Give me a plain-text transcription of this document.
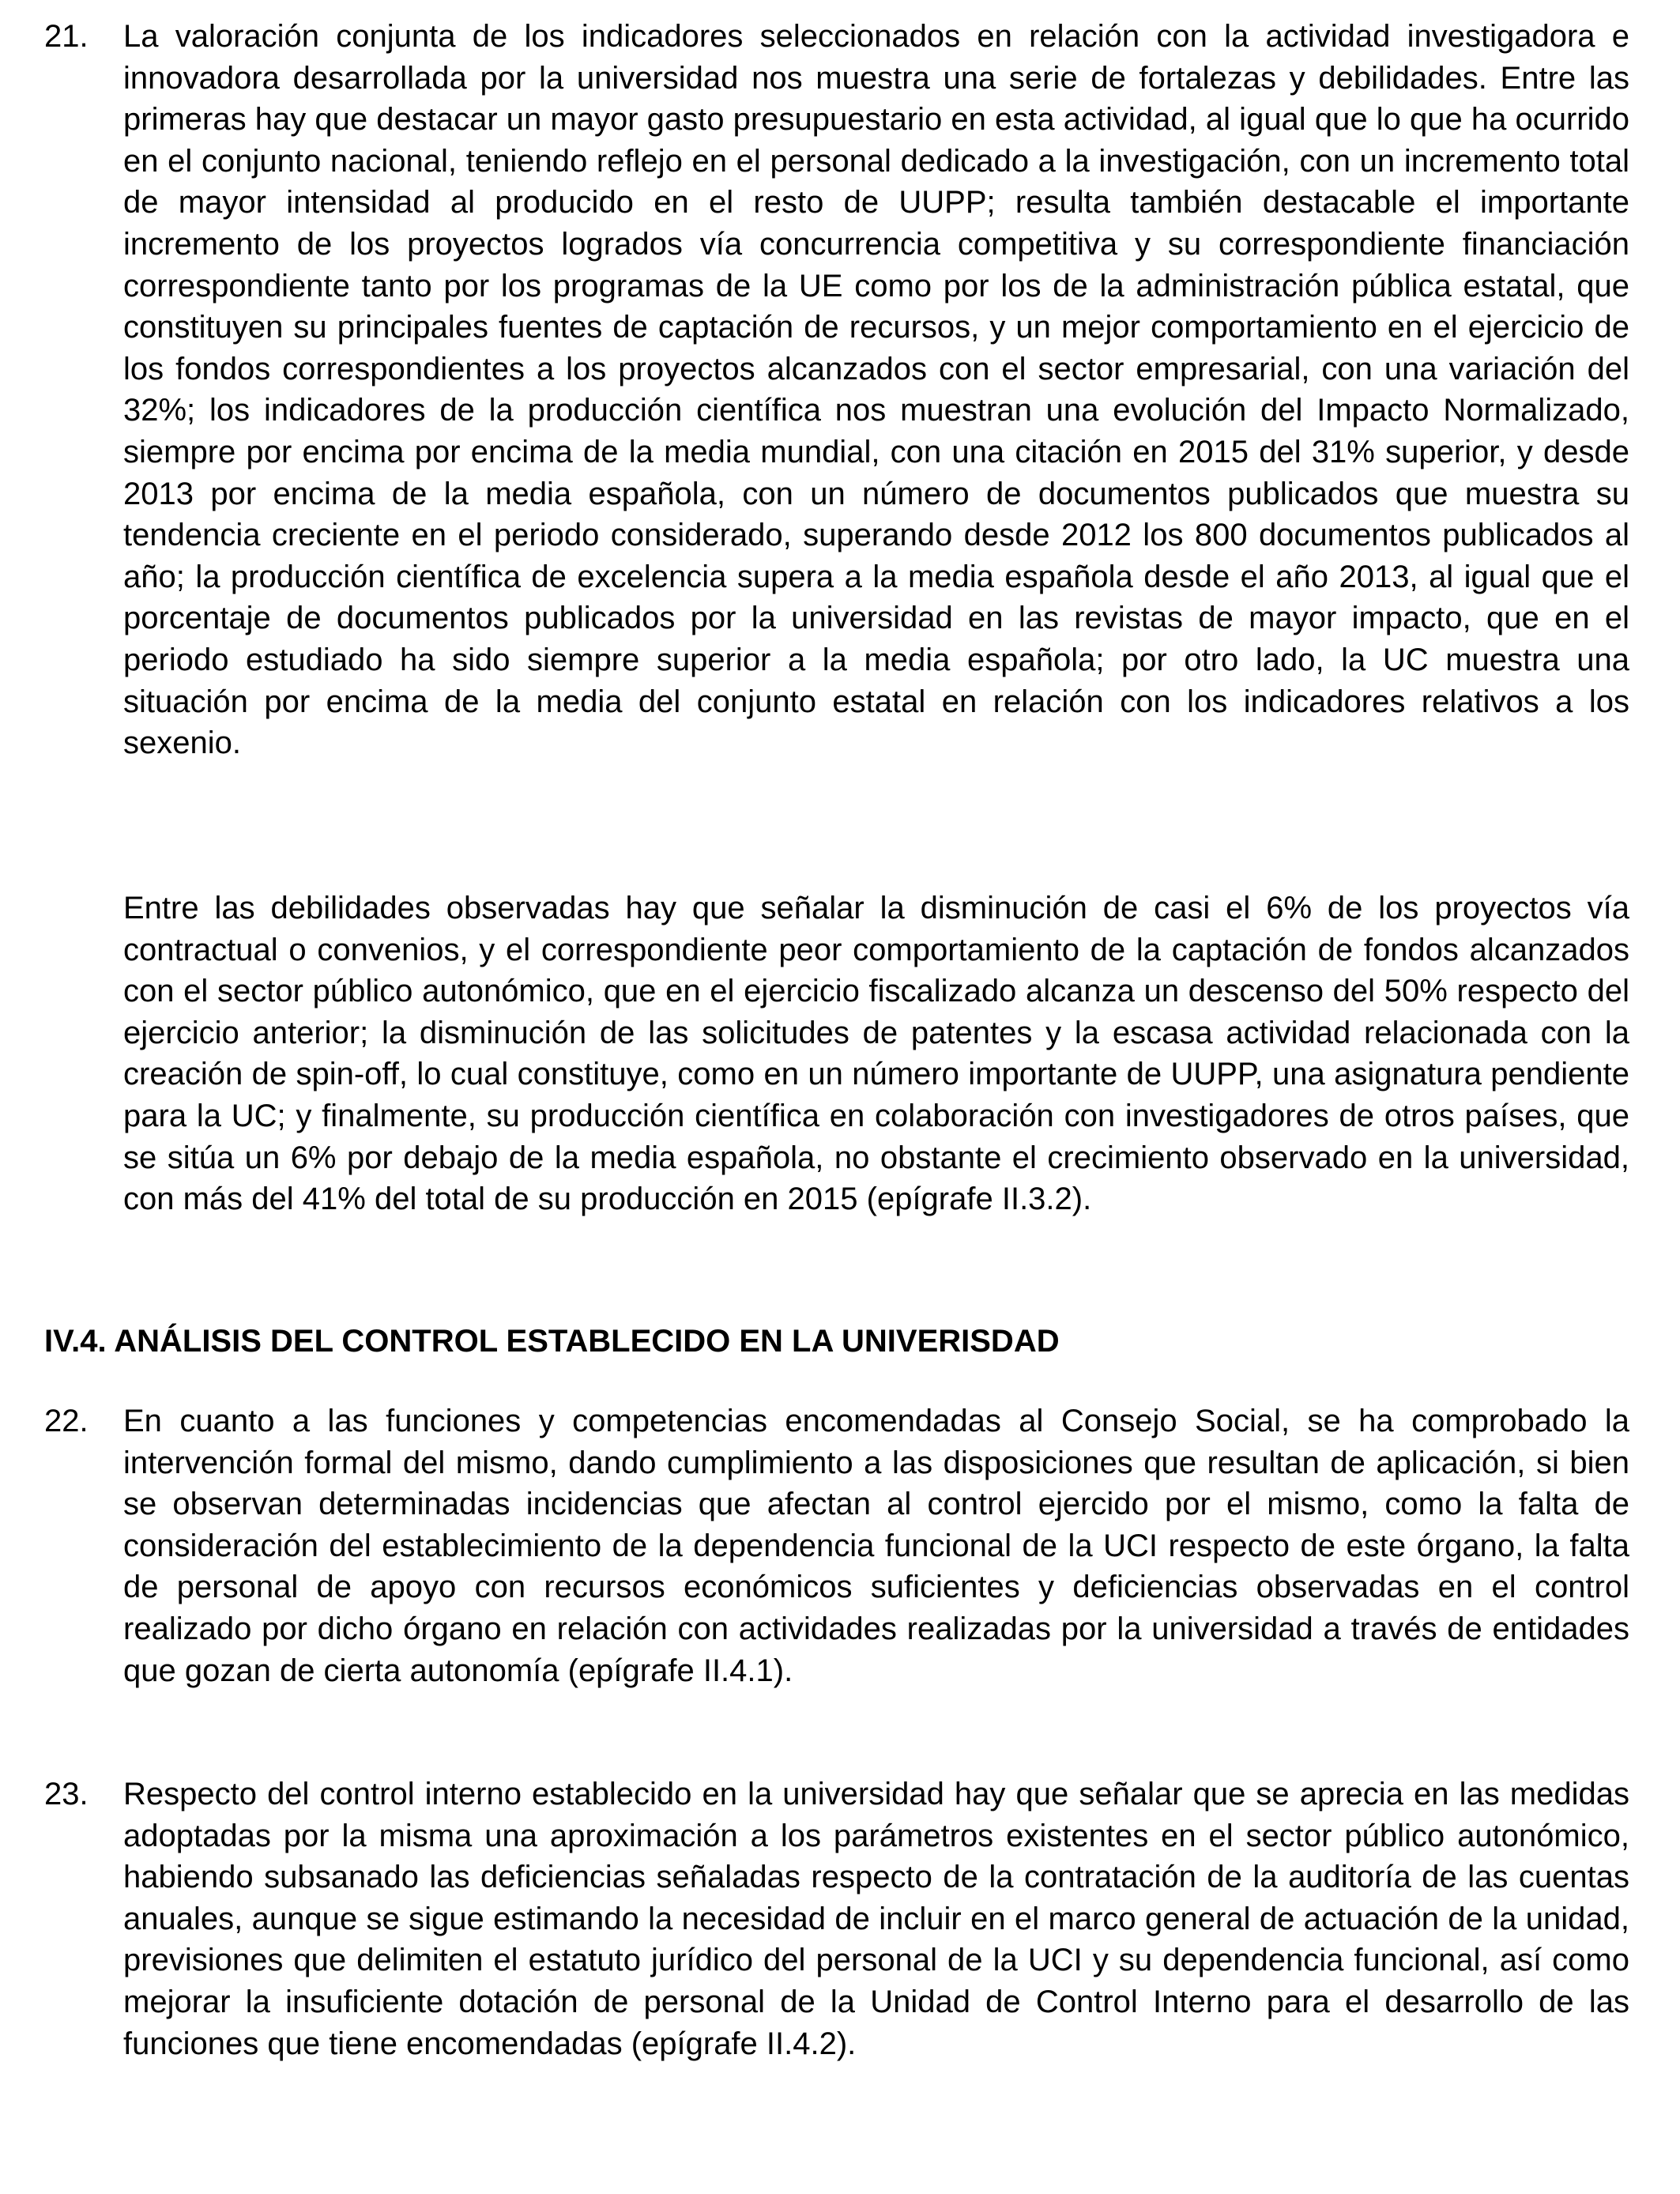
21.	La valoración conjunta de los indicadores seleccionados en relación con la actividad investigadora e innovadora desarrollada por la universidad nos muestra una serie de fortalezas y debilidades. Entre las primeras hay que destacar un mayor gasto presupuestario en esta actividad, al igual que lo que ha ocurrido en el conjunto nacional, teniendo reflejo en el personal dedicado a la investigación, con un incremento total de mayor intensidad al producido en el resto de UUPP; resulta también destacable el importante incremento de los proyectos logrados vía concurrencia competitiva y su correspondiente financiación correspondiente tanto por los programas de la UE como por los de la administración pública estatal, que constituyen su principales fuentes de captación de recursos, y un mejor comportamiento en el ejercicio de los fondos correspondientes a los proyectos alcanzados con el sector empresarial, con una variación del 32%; los indicadores de la producción científica nos muestran una evolución del Impacto Normalizado, siempre por encima por encima de la media mundial, con una citación en 2015 del 31% superior, y desde 2013 por encima de la media española, con un número de documentos publicados que muestra su tendencia creciente en el periodo considerado, superando desde 2012 los 800 documentos publicados al año; la producción científica de excelencia supera a la media española desde el año 2013, al igual que el porcentaje de documentos publicados por la universidad en las revistas de mayor impacto, que en el periodo estudiado ha sido siempre superior a la media española; por otro lado, la UC muestra una situación por encima de la media del conjunto estatal en relación con los indicadores relativos a los sexenio.
Entre las debilidades observadas hay que señalar la disminución de casi el 6% de los proyectos vía contractual o convenios, y el correspondiente peor comportamiento de la captación de fondos alcanzados con el sector público autonómico, que en el ejercicio fiscalizado alcanza un descenso del 50% respecto del ejercicio anterior; la disminución de las solicitudes de patentes y la escasa actividad relacionada con la creación de spin-off, lo cual constituye, como en un número importante de UUPP, una asignatura pendiente para la UC; y finalmente, su producción científica en colaboración con investigadores de otros países, que se sitúa un 6% por debajo de la media española, no obstante el crecimiento observado en la universidad, con más del 41% del total de su producción en 2015 (epígrafe II.3.2).
IV.4. ANÁLISIS DEL CONTROL ESTABLECIDO EN LA UNIVERISDAD
22.	En cuanto a las funciones y competencias encomendadas al Consejo Social, se ha comprobado la intervención formal del mismo, dando cumplimiento a las disposiciones que resultan de aplicación, si bien se observan determinadas incidencias que afectan al control ejercido por el mismo, como la falta de consideración del establecimiento de la dependencia funcional de la UCI respecto de este órgano, la falta de personal de apoyo con recursos económicos suficientes y deficiencias observadas en el control realizado por dicho órgano en relación con actividades realizadas por la universidad a través de entidades que gozan de cierta autonomía (epígrafe II.4.1).
23.	Respecto del control interno establecido en la universidad hay que señalar que se aprecia en las medidas adoptadas por la misma una aproximación a los parámetros existentes en el sector público autonómico, habiendo subsanado las deficiencias señaladas respecto de la contratación de la auditoría de las cuentas anuales, aunque se sigue estimando la necesidad de incluir en el marco general de actuación de la unidad, previsiones que delimiten el estatuto jurídico del personal de la UCI y su dependencia funcional, así como mejorar la insuficiente dotación de personal de la Unidad de Control Interno para el desarrollo de las funciones que tiene encomendadas (epígrafe II.4.2).
